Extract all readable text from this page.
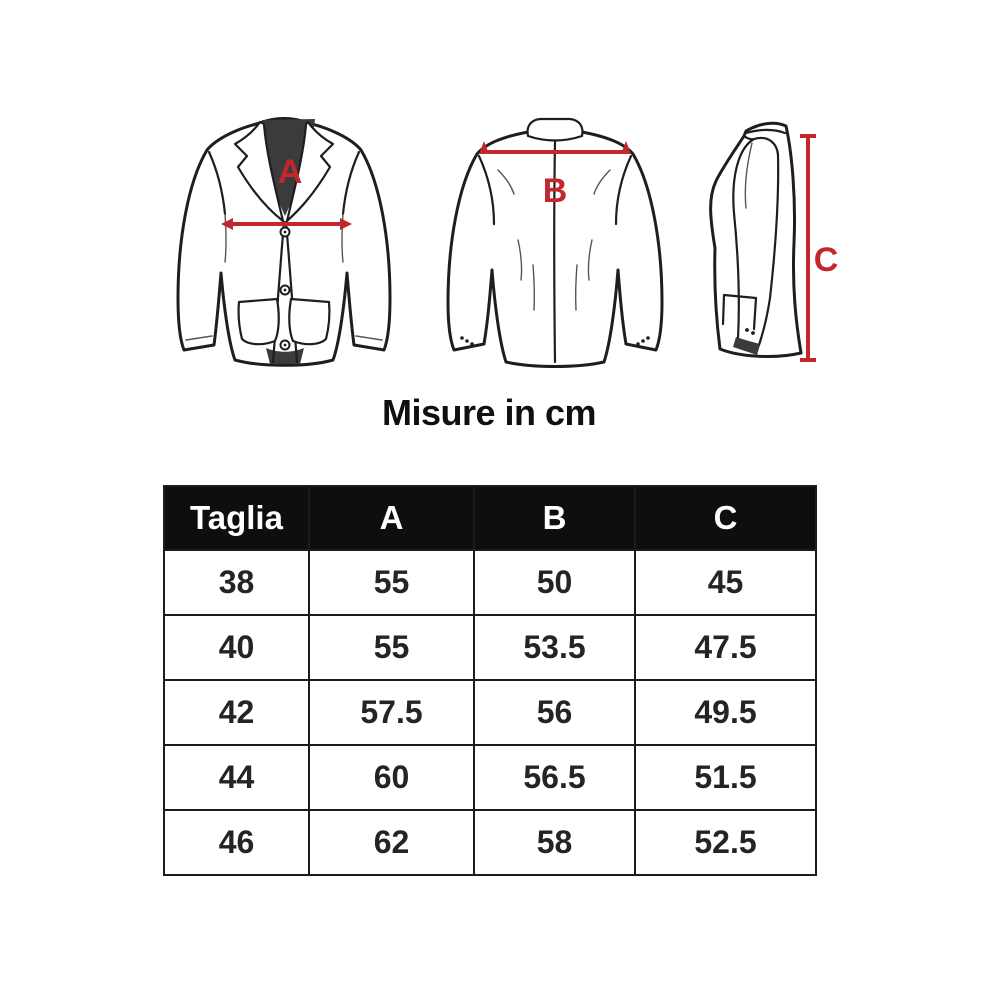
A	B
C
Misure in cm
Taglia	A	B	C
38	55	50	45
40	55	53.5	47.5
42	57.5	56	49.5
44	60	56.5	51.5
46	62	58	52.5
